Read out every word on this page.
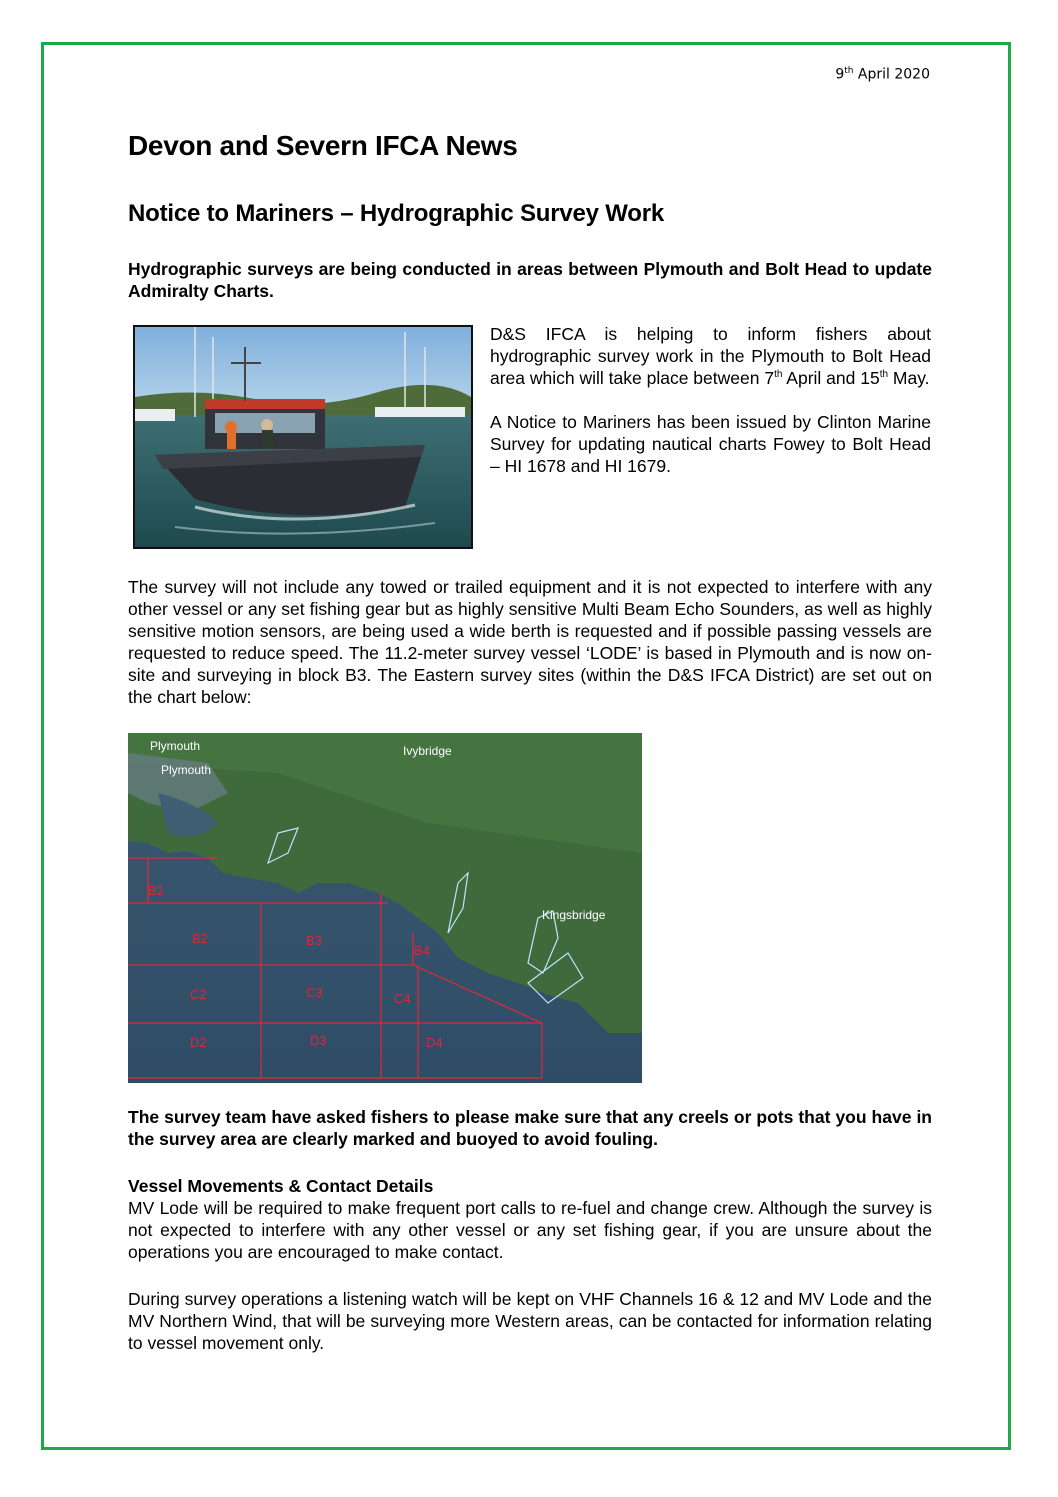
9th April 2020
Devon and Severn IFCA News
Notice to Mariners – Hydrographic Survey Work

Hydrographic surveys are being conducted in areas between Plymouth and Bolt Head to update Admiralty Charts.

D&S IFCA is helping to inform fishers about hydrographic survey work in the Plymouth to Bolt Head area which will take place between 7th April and 15th May.

A Notice to Mariners has been issued by Clinton Marine Survey for updating nautical charts Fowey to Bolt Head – HI 1678 and HI 1679.

The survey will not include any towed or trailed equipment and it is not expected to interfere with any other vessel or any set fishing gear but as highly sensitive Multi Beam Echo Sounders, as well as highly sensitive motion sensors, are being used a wide berth is requested and if possible passing vessels are requested to reduce speed. The 11.2-meter survey vessel ‘LODE’ is based in Plymouth and is now on-site and surveying in block B3. The Eastern survey sites (within the D&S IFCA District) are set out on the chart below:

B2
B2	B3
B4
C2	C3	C4
D2	D3	D4
Plymouth
Plymouth
Ivybridge
Kingsbridge

The survey team have asked fishers to please make sure that any creels or pots that you have in the survey area are clearly marked and buoyed to avoid fouling.

Vessel Movements & Contact Details

MV Lode will be required to make frequent port calls to re-fuel and change crew. Although the survey is not expected to interfere with any other vessel or any set fishing gear, if you are unsure about the operations you are encouraged to make contact.

During survey operations a listening watch will be kept on VHF Channels 16 & 12 and MV Lode and the MV Northern Wind, that will be surveying more Western areas, can be contacted for information relating to vessel movement only.
